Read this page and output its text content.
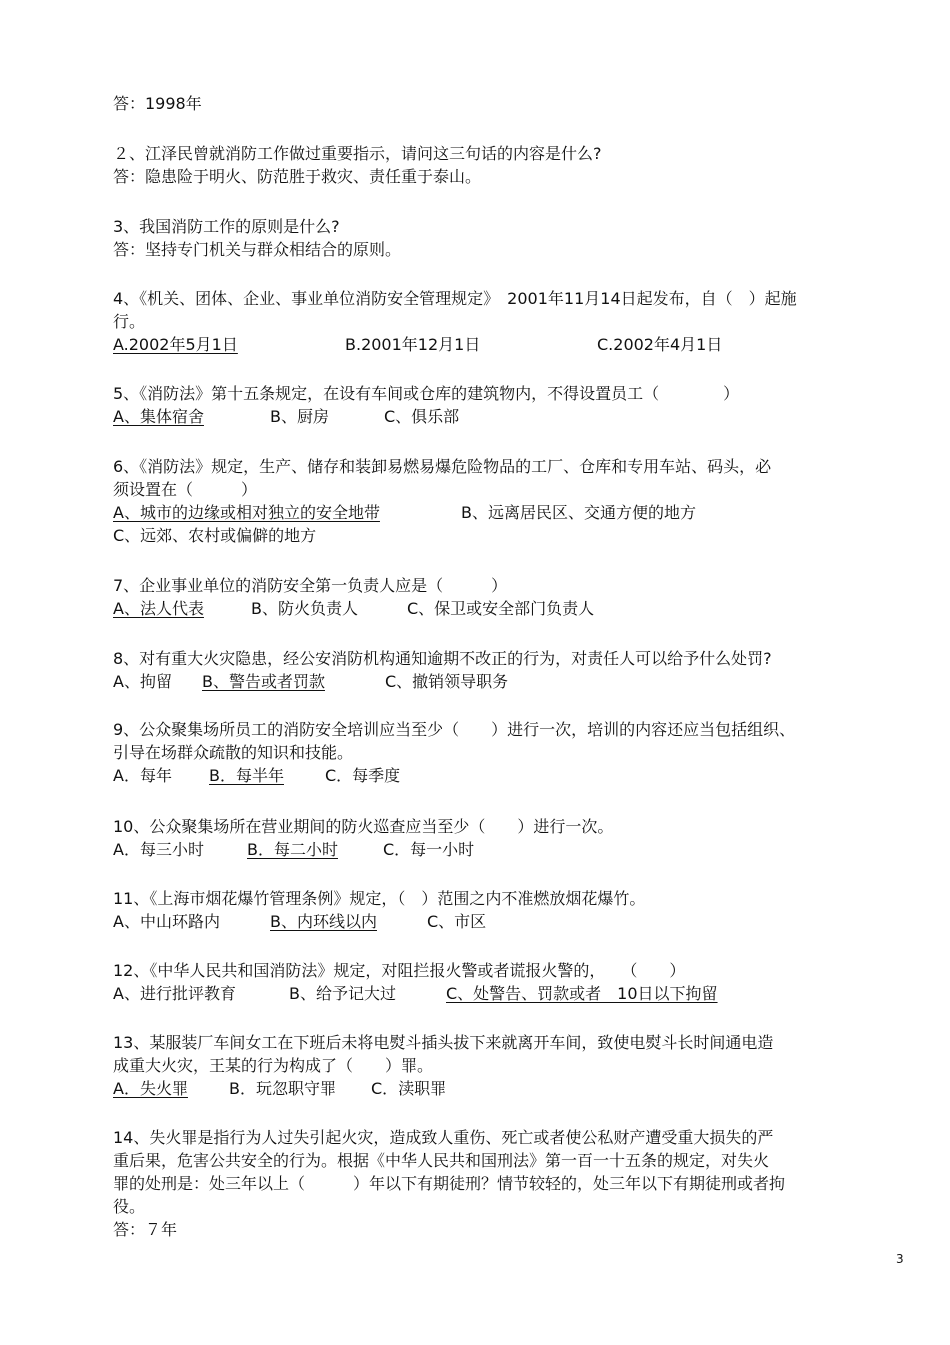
答：1998年
２、江泽民曾就消防工作做过重要指示，请问这三句话的内容是什么?
答：隐患险于明火、防范胜于救灾、责任重于泰山。
3、我国消防工作的原则是什么?
答：坚持专门机关与群众相结合的原则。
4、《机关、团体、企业、事业单位消防安全管理规定》　2001年11月14日起发布，自（　）起施
行。
A.2002年5月1日	B.2001年12月1日	C.2002年4月1日
5、《消防法》第十五条规定，在设有车间或仓库的建筑物内，不得设置员工（　　　　）
A、集体宿舍	B、厨房	C、俱乐部
6、《消防法》规定，生产、储存和装卸易燃易爆危险物品的工厂、仓库和专用车站、码头，必
须设置在（　　　）
A、城市的边缘或相对独立的安全地带	B、远离居民区、交通方便的地方
C、远郊、农村或偏僻的地方
7、企业事业单位的消防安全第一负责人应是（　　　）
A、法人代表	B、防火负责人	C、保卫或安全部门负责人
8、对有重大火灾隐患，经公安消防机构通知逾期不改正的行为，对责任人可以给予什么处罚?
A、拘留 B、警告或者罚款	C、撤销领导职务
9、公众聚集场所员工的消防安全培训应当至少（　　）进行一次，培训的内容还应当包括组织、
引导在场群众疏散的知识和技能。
A．每年 B．每半年	C．每季度
10、公众聚集场所在营业期间的防火巡查应当至少（　　）进行一次。
A．每三小时	B．每二小时	C．每一小时
11、《上海市烟花爆竹管理条例》规定，（　）范围之内不准燃放烟花爆竹。
A、中山环路内	B、内环线以内	C、市区
12、《中华人民共和国消防法》规定，对阻拦报火警或者谎报火警的，　　（　　）
A、进行批评教育	B、给予记大过	C、处警告、罚款或者　10日以下拘留
13、某服装厂车间女工在下班后未将电熨斗插头拔下来就离开车间，致使电熨斗长时间通电造
成重大火灾，王某的行为构成了（　　）罪。
A．失火罪	B．玩忽职守罪 C．渎职罪
14、失火罪是指行为人过失引起火灾，造成致人重伤、死亡或者使公私财产遭受重大损失的严
重后果，危害公共安全的行为。根据《中华人民共和国刑法》第一百一十五条的规定，对失火
罪的处刑是：处三年以上（　　　）年以下有期徒刑？情节较轻的，处三年以下有期徒刑或者拘
役。
答：７年
3
